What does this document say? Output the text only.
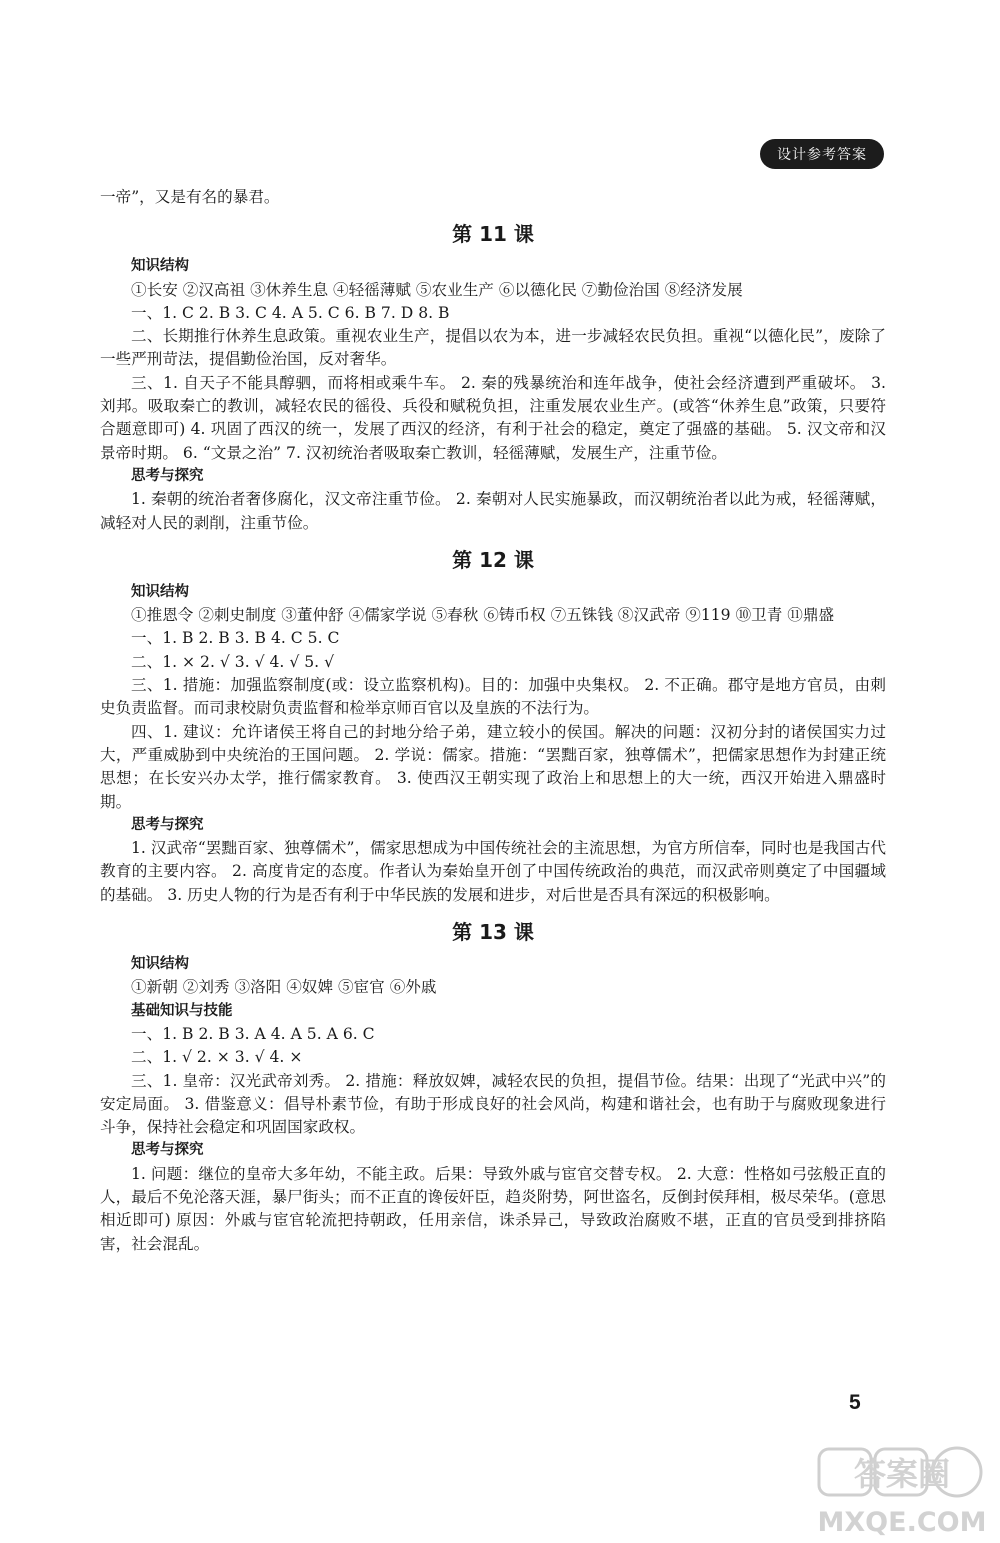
设计参考答案

一帝”，又是有名的暴君。

第 11 课
知识结构

①长安 ②汉高祖 ③休养生息 ④轻徭薄赋 ⑤农业生产 ⑥以德化民 ⑦勤俭治国 ⑧经济发展

一、1. C 2. B 3. C 4. A 5. C 6. B 7. D 8. B

二、长期推行休养生息政策。重视农业生产，提倡以农为本，进一步减轻农民负担。重视“以德化民”，废除了一些严刑苛法，提倡勤俭治国，反对奢华。

三、1. 自天子不能具醇驷，而将相或乘牛车。 2. 秦的残暴统治和连年战争，使社会经济遭到严重破坏。 3. 刘邦。吸取秦亡的教训，减轻农民的徭役、兵役和赋税负担，注重发展农业生产。(或答“休养生息”政策，只要符合题意即可) 4. 巩固了西汉的统一，发展了西汉的经济，有利于社会的稳定，奠定了强盛的基础。 5. 汉文帝和汉景帝时期。 6. “文景之治” 7. 汉初统治者吸取秦亡教训，轻徭薄赋，发展生产，注重节俭。

思考与探究

1. 秦朝的统治者奢侈腐化，汉文帝注重节俭。 2. 秦朝对人民实施暴政，而汉朝统治者以此为戒，轻徭薄赋，减轻对人民的剥削，注重节俭。

第 12 课
知识结构

①推恩令 ②刺史制度 ③董仲舒 ④儒家学说 ⑤春秋 ⑥铸币权 ⑦五铢钱 ⑧汉武帝 ⑨119 ⑩卫青 ⑪鼎盛

一、1. B 2. B 3. B 4. C 5. C

二、1. × 2. √ 3. √ 4. √ 5. √

三、1. 措施：加强监察制度(或：设立监察机构)。目的：加强中央集权。 2. 不正确。郡守是地方官员，由刺史负责监督。而司隶校尉负责监督和检举京师百官以及皇族的不法行为。

四、1. 建议：允许诸侯王将自己的封地分给子弟，建立较小的侯国。解决的问题：汉初分封的诸侯国实力过大，严重威胁到中央统治的王国问题。 2. 学说：儒家。措施：“罢黜百家，独尊儒术”，把儒家思想作为封建正统思想；在长安兴办太学，推行儒家教育。 3. 使西汉王朝实现了政治上和思想上的大一统，西汉开始进入鼎盛时期。

思考与探究

1. 汉武帝“罢黜百家、独尊儒术”，儒家思想成为中国传统社会的主流思想，为官方所信奉，同时也是我国古代教育的主要内容。 2. 高度肯定的态度。作者认为秦始皇开创了中国传统政治的典范，而汉武帝则奠定了中国疆域的基础。 3. 历史人物的行为是否有利于中华民族的发展和进步，对后世是否具有深远的积极影响。

第 13 课
知识结构

①新朝 ②刘秀 ③洛阳 ④奴婢 ⑤宦官 ⑥外戚

基础知识与技能

一、1. B 2. B 3. A 4. A 5. A 6. C

二、1. √ 2. × 3. √ 4. ×

三、1. 皇帝：汉光武帝刘秀。 2. 措施：释放奴婢，减轻农民的负担，提倡节俭。结果：出现了“光武中兴”的安定局面。 3. 借鉴意义：倡导朴素节俭，有助于形成良好的社会风尚，构建和谐社会，也有助于与腐败现象进行斗争，保持社会稳定和巩固国家政权。

思考与探究

1. 问题：继位的皇帝大多年幼，不能主政。后果：导致外戚与宦官交替专权。 2. 大意：性格如弓弦般正直的人，最后不免沦落天涯，暴尸街头；而不正直的谗佞奸臣，趋炎附势，阿世盗名，反倒封侯拜相，极尽荣华。(意思相近即可) 原因：外戚与宦官轮流把持朝政，任用亲信，诛杀异己，导致政治腐败不堪，正直的官员受到排挤陷害，社会混乱。

5
答案圈
MXQE.COM
